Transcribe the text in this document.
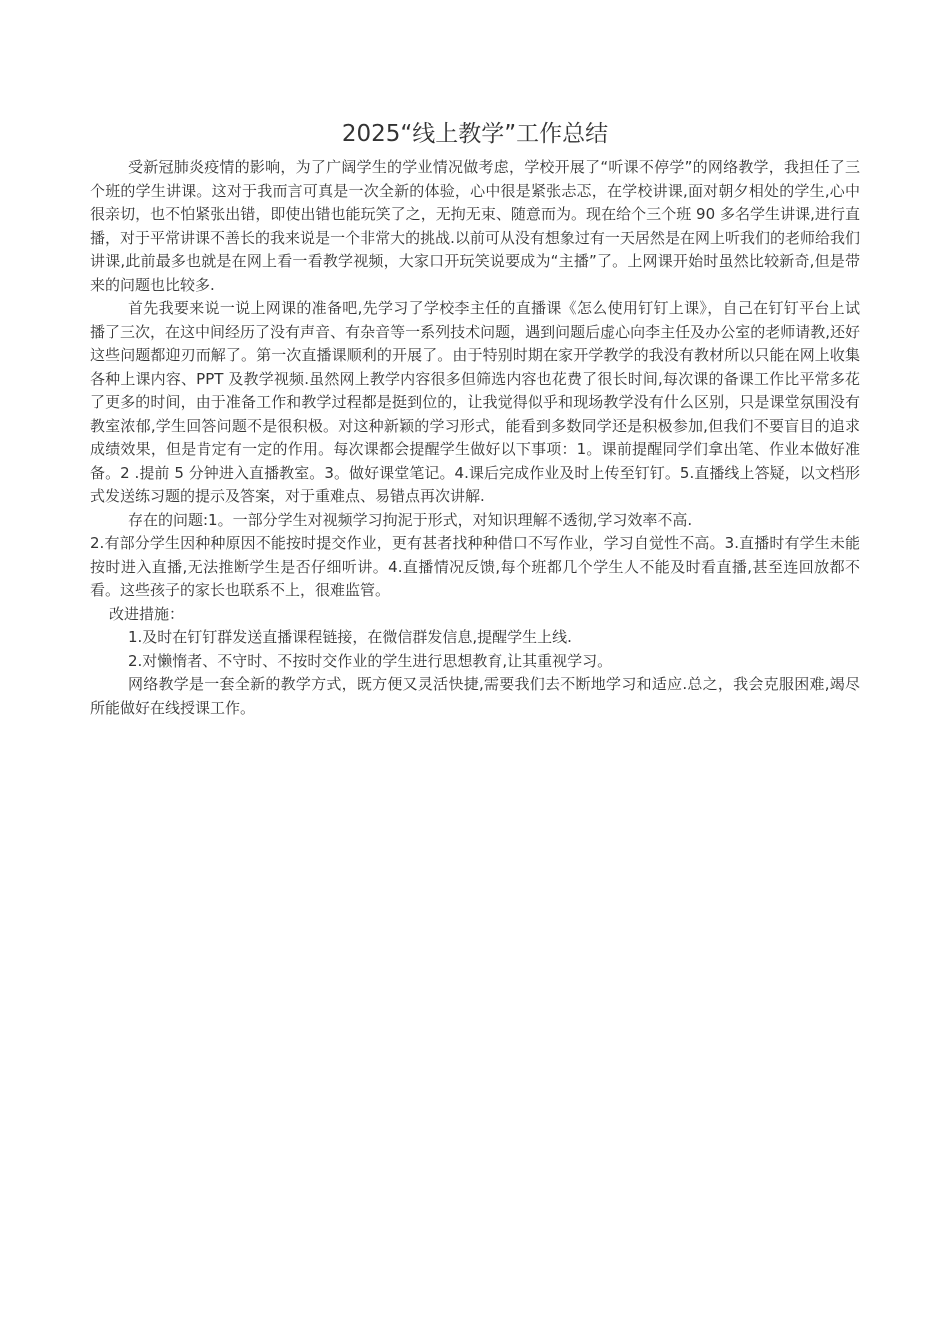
2025“线上教学”工作总结

受新冠肺炎疫情的影响，为了广阔学生的学业情况做考虑，学校开展了“听课不停学”的网络教学，我担任了三个班的学生讲课。这对于我而言可真是一次全新的体验，心中很是紧张忐忑，在学校讲课,面对朝夕相处的学生,心中很亲切，也不怕紧张出错，即使出错也能玩笑了之，无拘无束、随意而为。现在给个三个班 90 多名学生讲课,进行直播，对于平常讲课不善长的我来说是一个非常大的挑战.以前可从没有想象过有一天居然是在网上听我们的老师给我们讲课,此前最多也就是在网上看一看教学视频，大家口开玩笑说要成为“主播”了。上网课开始时虽然比较新奇,但是带来的问题也比较多.

首先我要来说一说上网课的准备吧,先学习了学校李主任的直播课《怎么使用钉钉上课》，自己在钉钉平台上试播了三次，在这中间经历了没有声音、有杂音等一系列技术问题，遇到问题后虚心向李主任及办公室的老师请教,还好这些问题都迎刃而解了。第一次直播课顺利的开展了。由于特别时期在家开学教学的我没有教材所以只能在网上收集各种上课内容、PPT 及教学视频.虽然网上教学内容很多但筛选内容也花费了很长时间,每次课的备课工作比平常多花了更多的时间，由于准备工作和教学过程都是挺到位的，让我觉得似乎和现场教学没有什么区别，只是课堂氛围没有教室浓郁,学生回答问题不是很积极。对这种新颖的学习形式，能看到多数同学还是积极参加,但我们不要盲目的追求成绩效果，但是肯定有一定的作用。每次课都会提醒学生做好以下事项：1。课前提醒同学们拿出笔、作业本做好准备。2 .提前 5 分钟进入直播教室。3。做好课堂笔记。4.课后完成作业及时上传至钉钉。5.直播线上答疑，以文档形式发送练习题的提示及答案，对于重难点、易错点再次讲解.

存在的问题:1。一部分学生对视频学习拘泥于形式，对知识理解不透彻,学习效率不高.

2.有部分学生因种种原因不能按时提交作业，更有甚者找种种借口不写作业，学习自觉性不高。3.直播时有学生未能按时进入直播,无法推断学生是否仔细听讲。4.直播情况反馈,每个班都几个学生人不能及时看直播,甚至连回放都不看。这些孩子的家长也联系不上，很难监管。

改进措施：

1.及时在钉钉群发送直播课程链接，在微信群发信息,提醒学生上线.

2.对懒惰者、不守时、不按时交作业的学生进行思想教育,让其重视学习。

网络教学是一套全新的教学方式，既方便又灵活快捷,需要我们去不断地学习和适应.总之，我会克服困难,竭尽所能做好在线授课工作。
